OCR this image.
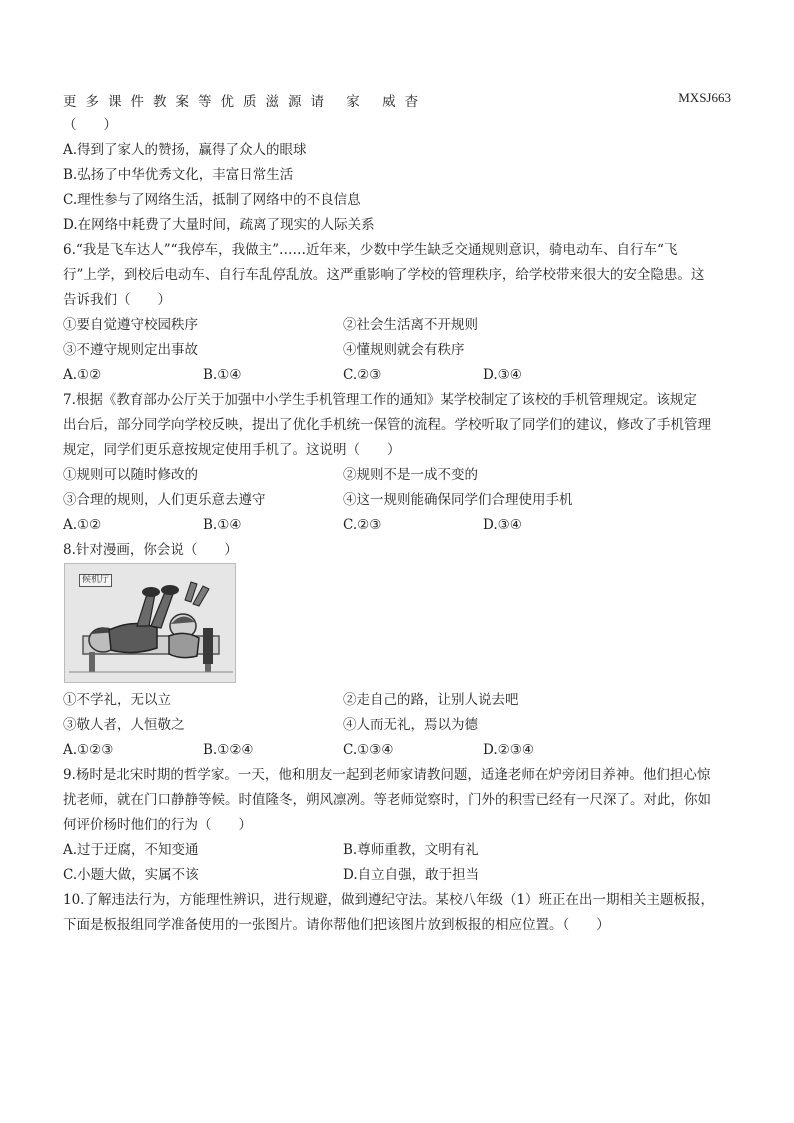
更多课件教案等优质滋源请 家 威杳	MXSJ663
（　　）
A.得到了家人的赞扬，赢得了众人的眼球
B.弘扬了中华优秀文化，丰富日常生活
C.理性参与了网络生活，抵制了网络中的不良信息
D.在网络中耗费了大量时间，疏离了现实的人际关系
6.“我是飞车达人”“我停车，我做主”……近年来，少数中学生缺乏交通规则意识，骑电动车、自行车“飞
行”上学，到校后电动车、自行车乱停乱放。这严重影响了学校的管理秩序，给学校带来很大的安全隐患。这
告诉我们（　　）
①要自觉遵守校园秩序	②社会生活离不开规则
③不遵守规则定出事故	④懂规则就会有秩序
A.①②	B.①④	C.②③	D.③④
7.根据《教育部办公厅关于加强中小学生手机管理工作的通知》某学校制定了该校的手机管理规定。该规定
出台后，部分同学向学校反映，提出了优化手机统一保管的流程。学校听取了同学们的建议，修改了手机管理
规定，同学们更乐意按规定使用手机了。这说明（　　）
①规则可以随时修改的	②规则不是一成不变的
③合理的规则，人们更乐意去遵守	④这一规则能确保同学们合理使用手机
A.①②	B.①④	C.②③	D.③④
8.针对漫画，你会说（　　）
候机厅
①不学礼，无以立	②走自己的路，让别人说去吧
③敬人者，人恒敬之	④人而无礼，焉以为德
A.①②③	B.①②④	C.①③④	D.②③④
9.杨时是北宋时期的哲学家。一天，他和朋友一起到老师家请教问题，适逢老师在炉旁闭目养神。他们担心惊
扰老师，就在门口静静等候。时值隆冬，朔风凛冽。等老师觉察时，门外的积雪已经有一尺深了。对此，你如
何评价杨时他们的行为（　　）
A.过于迂腐，不知变通	B.尊师重教，文明有礼
C.小题大做，实属不该	D.自立自强，敢于担当
10.了解违法行为，方能理性辨识，进行规避，做到遵纪守法。某校八年级（1）班正在出一期相关主题板报，
下面是板报组同学准备使用的一张图片。请你帮他们把该图片放到板报的相应位置。（　　）
